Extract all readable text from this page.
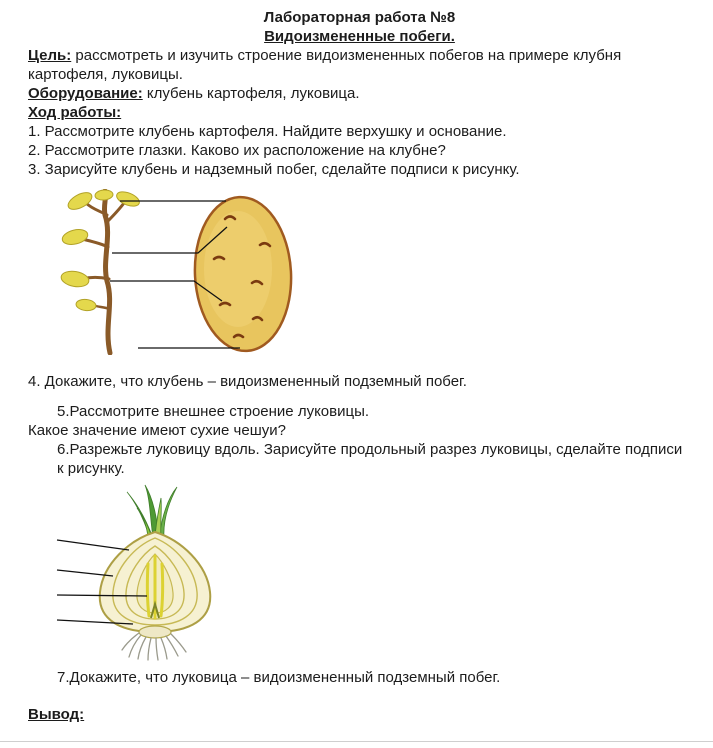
Лабораторная работа №8

Видоизмененные побеги.

Цель: рассмотреть и изучить строение видоизмененных побегов на примере клубня картофеля, луковицы.

Оборудование: клубень картофеля, луковица.

Ход работы:

1. Рассмотрите клубень картофеля. Найдите верхушку и основание.

2. Рассмотрите глазки. Каково их расположение на клубне?

3. Зарисуйте клубень и надземный побег, сделайте подписи к рисунку.

4. Докажите, что клубень – видоизмененный подземный побег.

5.Рассмотрите внешнее строение луковицы.

Какое значение имеют сухие чешуи?

6.Разрежьте луковицу вдоль. Зарисуйте продольный разрез луковицы, сделайте подписи к рисунку.

7.Докажите, что луковица – видоизмененный подземный побег.

Вывод:
